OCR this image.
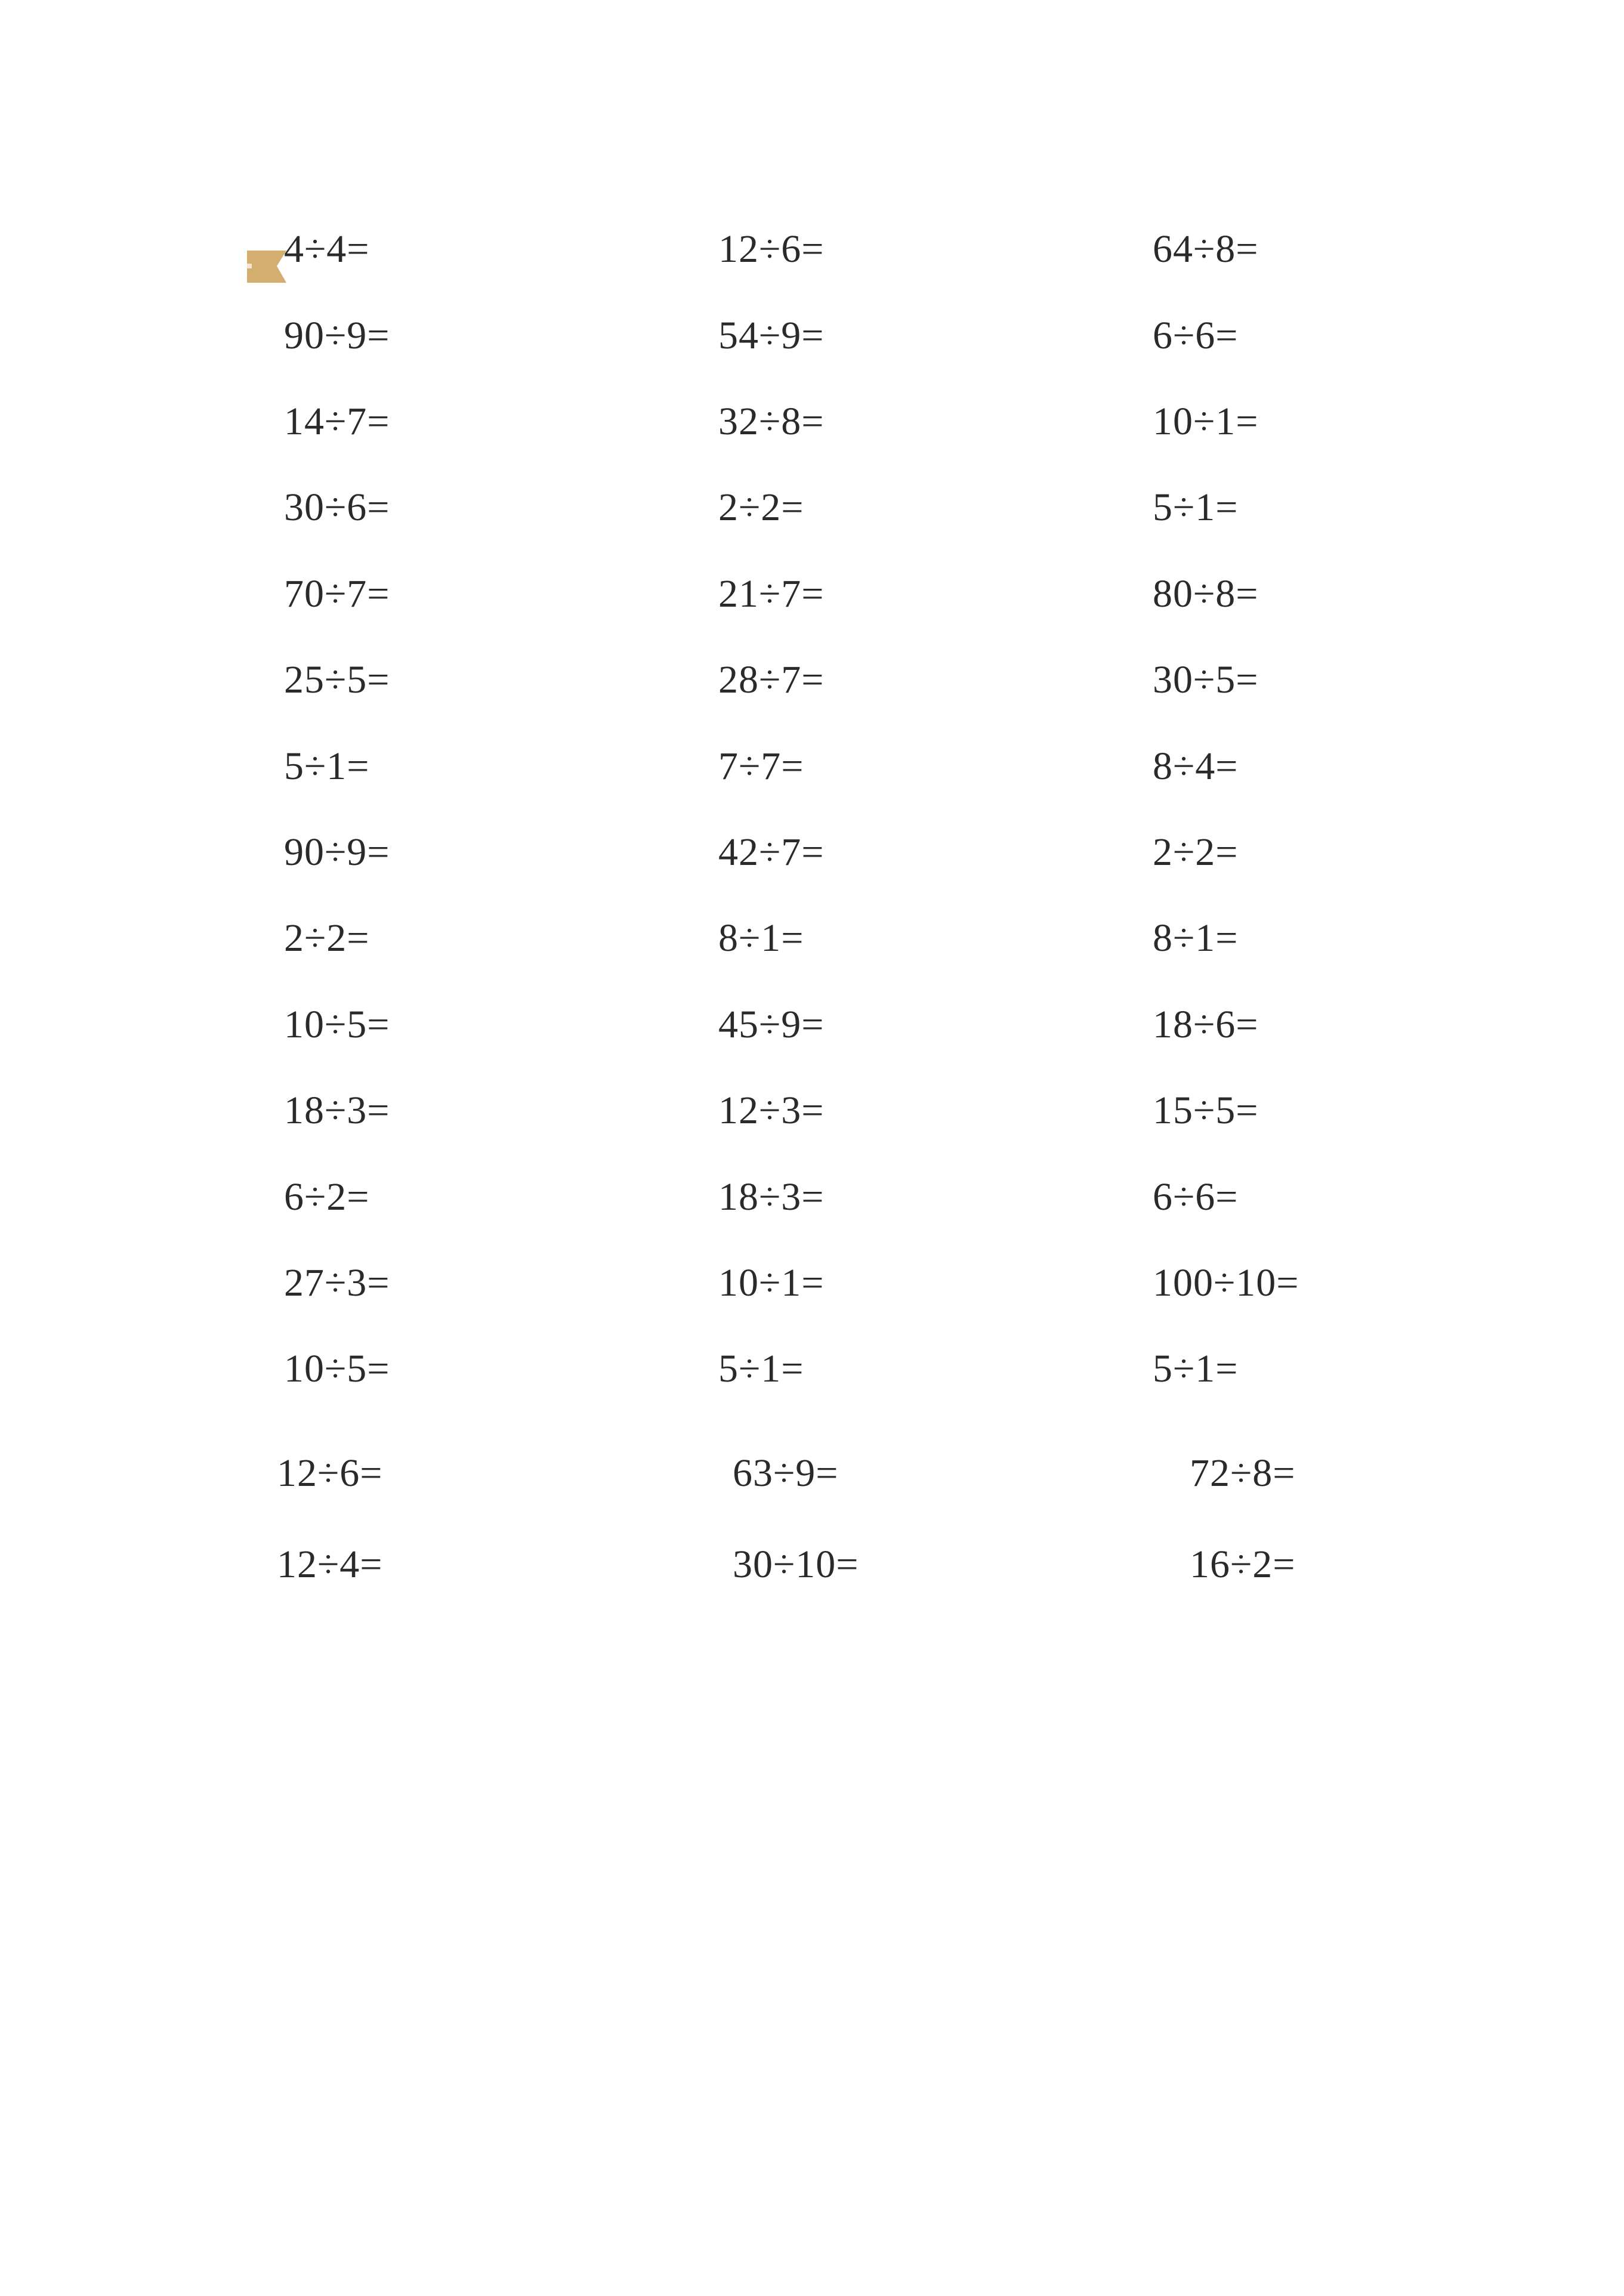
4÷4=	12÷6=	64÷8=
90÷9=	54÷9=	6÷6=
14÷7=	32÷8=	10÷1=
30÷6=	2÷2=	5÷1=
70÷7=	21÷7=	80÷8=
25÷5=	28÷7=	30÷5=
5÷1=	7÷7=	8÷4=
90÷9=	42÷7=	2÷2=
2÷2=	8÷1=	8÷1=
10÷5=	45÷9=	18÷6=
18÷3=	12÷3=	15÷5=
6÷2=	18÷3=	6÷6=
27÷3=	10÷1=	100÷10=
10÷5=	5÷1=	5÷1=
12÷6=	63÷9=	72÷8=
12÷4=	30÷10=	16÷2=
